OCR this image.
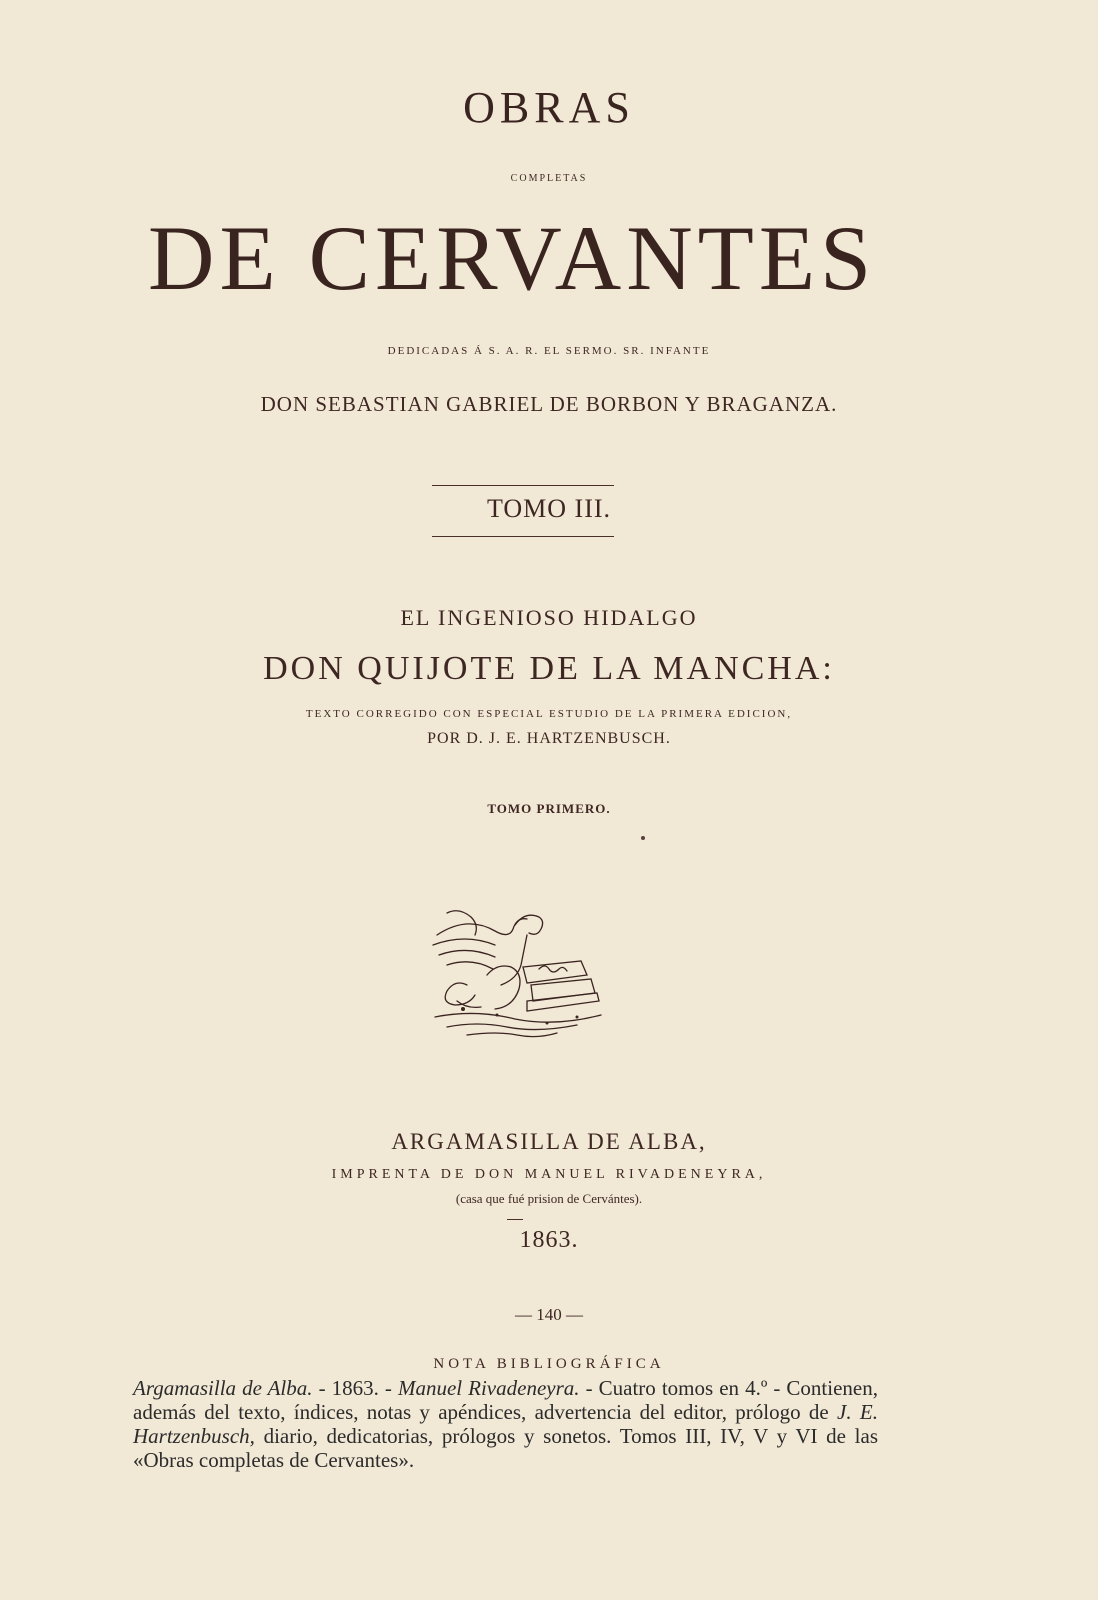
OBRAS
COMPLETAS
DE CERVANTES
DEDICADAS Á S. A. R. EL SERMO. SR. INFANTE
DON SEBASTIAN GABRIEL DE BORBON Y BRAGANZA.
TOMO III.
EL INGENIOSO HIDALGO
DON QUIJOTE DE LA MANCHA:
TEXTO CORREGIDO CON ESPECIAL ESTUDIO DE LA PRIMERA EDICION,
POR D. J. E. HARTZENBUSCH.
TOMO PRIMERO.
ARGAMASILLA DE ALBA,
IMPRENTA DE DON MANUEL RIVADENEYRA,
(casa que fué prision de Cervántes).
1863.
— 140 —
NOTA BIBLIOGRÁFICA
Argamasilla de Alba. - 1863. - Manuel Rivadeneyra. - Cuatro tomos en 4.º - Contienen, además del texto, índices, notas y apéndices, advertencia del editor, prólogo de J. E. Hartzenbusch, diario, dedicatorias, prólogos y sonetos. Tomos III, IV, V y VI de las «Obras completas de Cervantes».
